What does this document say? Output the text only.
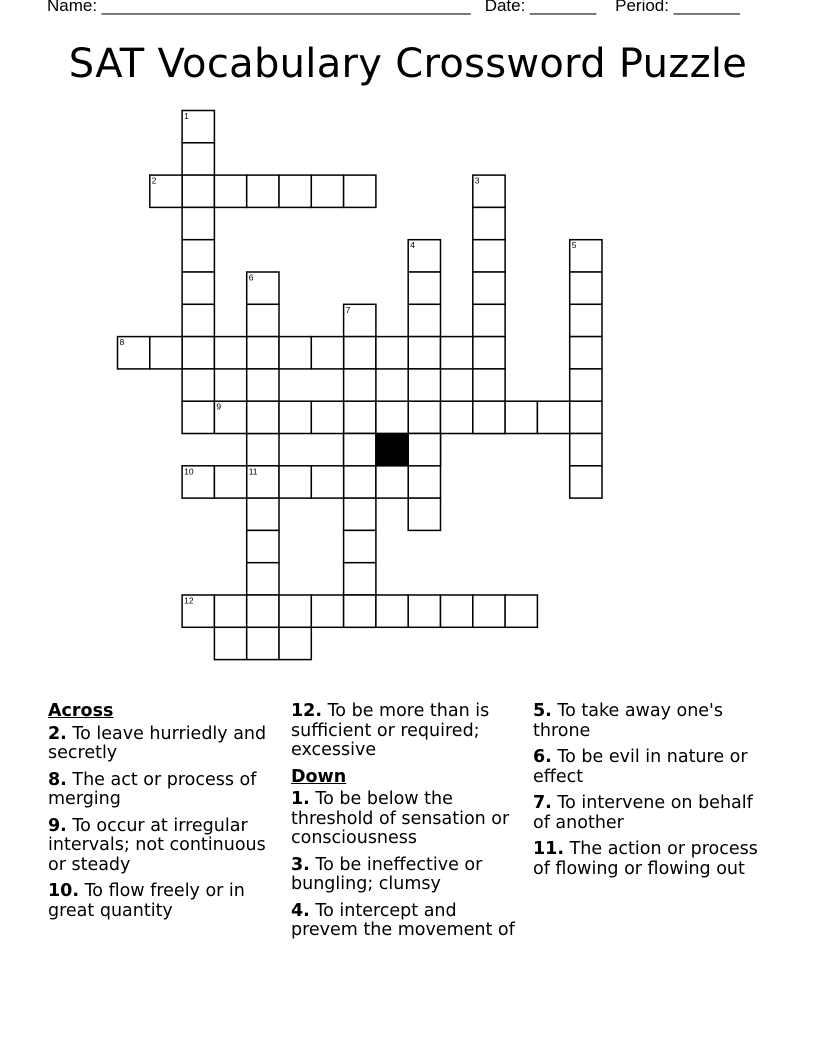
Name: _______________________________________   Date: _______    Period: _______
SAT Vocabulary Crossword Puzzle
1
2	3
4	5
6
7
8
9
10	11
12
Across
2. To leave hurriedly and secretly
8. The act or process of merging
9. To occur at irregular intervals; not continuous or steady
10. To flow freely or in great quantity
12. To be more than is sufficient or required; excessive
Down
1. To be below the threshold of sensation or consciousness
3. To be ineffective or bungling; clumsy
4. To intercept and prevem the movement of
5. To take away one's throne
6. To be evil in nature or effect
7. To intervene on behalf of another
11. The action or process of flowing or flowing out
